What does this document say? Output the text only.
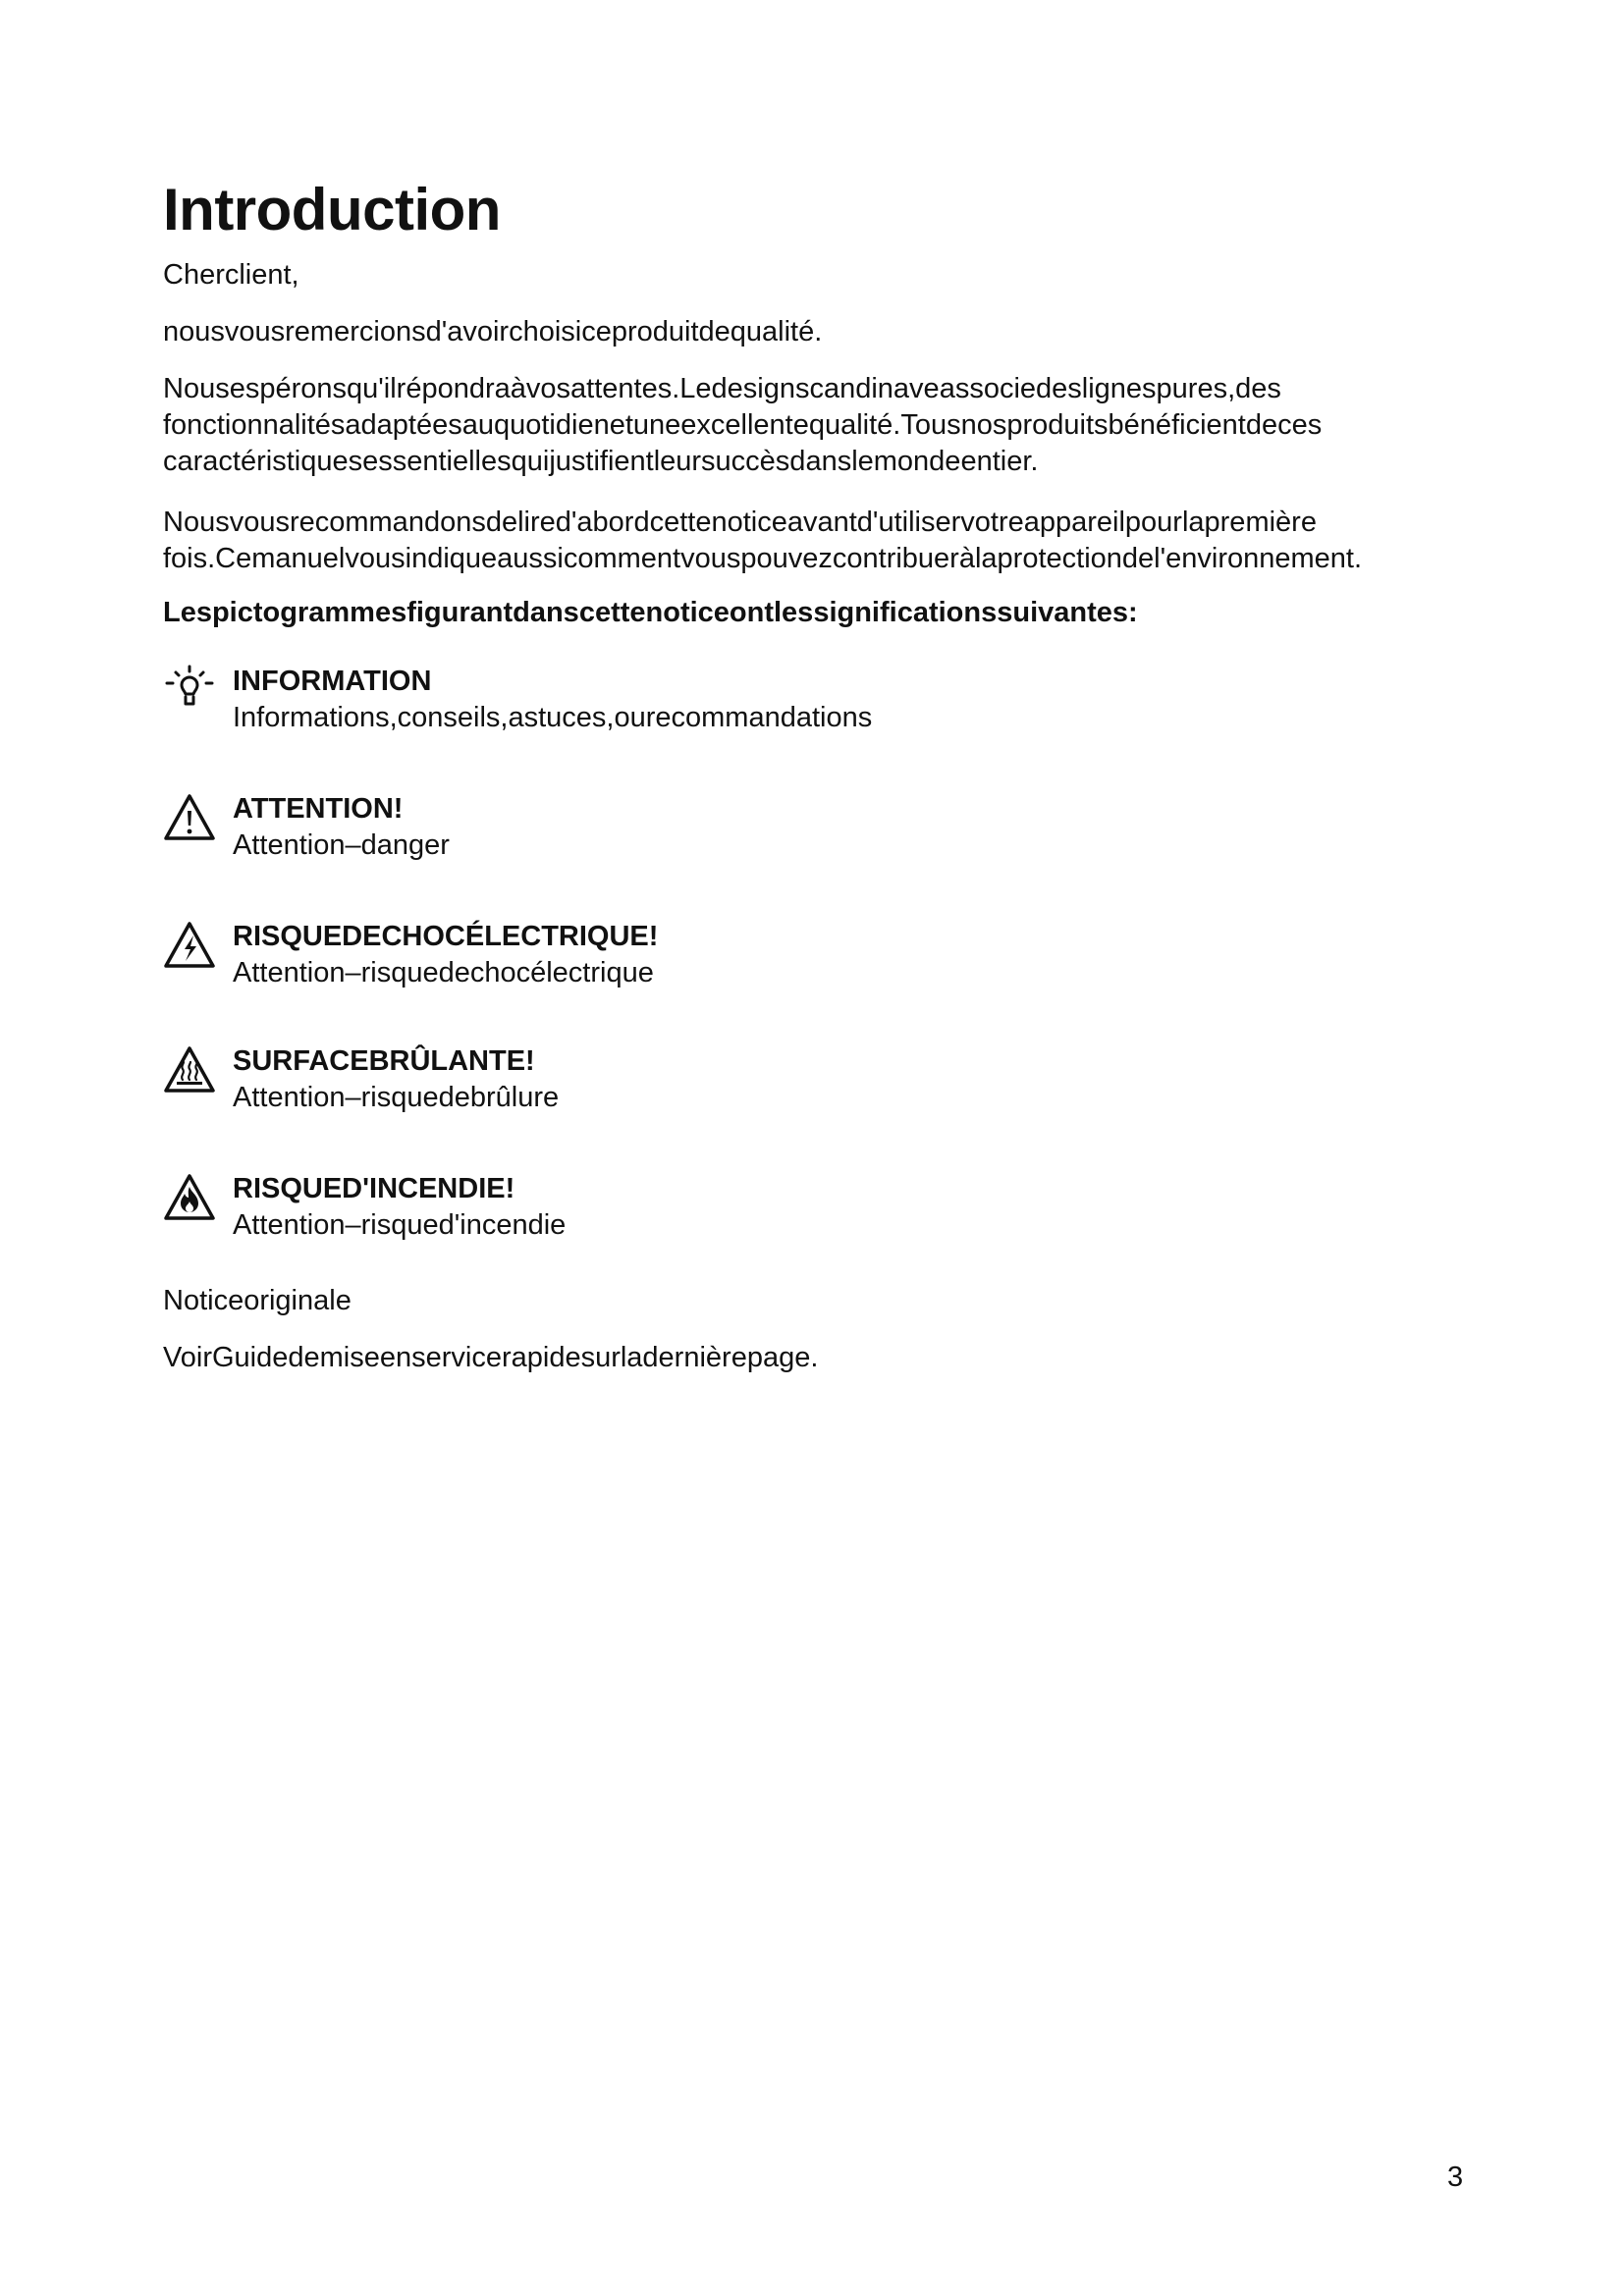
Introduction

Cherclient,

nousvousremercionsd'avoirchoisiceproduitdequalité.

Nousespéronsqu'ilrépondraàvosattentes.Ledesignscandinaveassociedeslignespures,des
fonctionnalitésadaptéesauquotidienetuneexcellentequalité.Tousnosproduitsbénéficientdeces
caractéristiquesessentiellesquijustifientleursuccèsdanslemondeentier.

Nousvousrecommandonsdelired'abordcettenoticeavantd'utiliservotreappareilpourlapremière
fois.Cemanuelvousindiqueaussicommentvouspouvezcontribueràlaprotectiondel'environnement.

Lespictogrammesfigurantdanscettenoticeontlessignificationssuivantes:

INFORMATION
Informations,conseils,astuces,ourecommandations
ATTENTION!
Attention–danger
RISQUEDECHOCÉLECTRIQUE!
Attention–risquedechocélectrique
SURFACEBRÛLANTE!
Attention–risquedebrûlure
RISQUED'INCENDIE!
Attention–risqued'incendie

Noticeoriginale

VoirGuidedemiseenservicerapidesurladernièrepage.

3
